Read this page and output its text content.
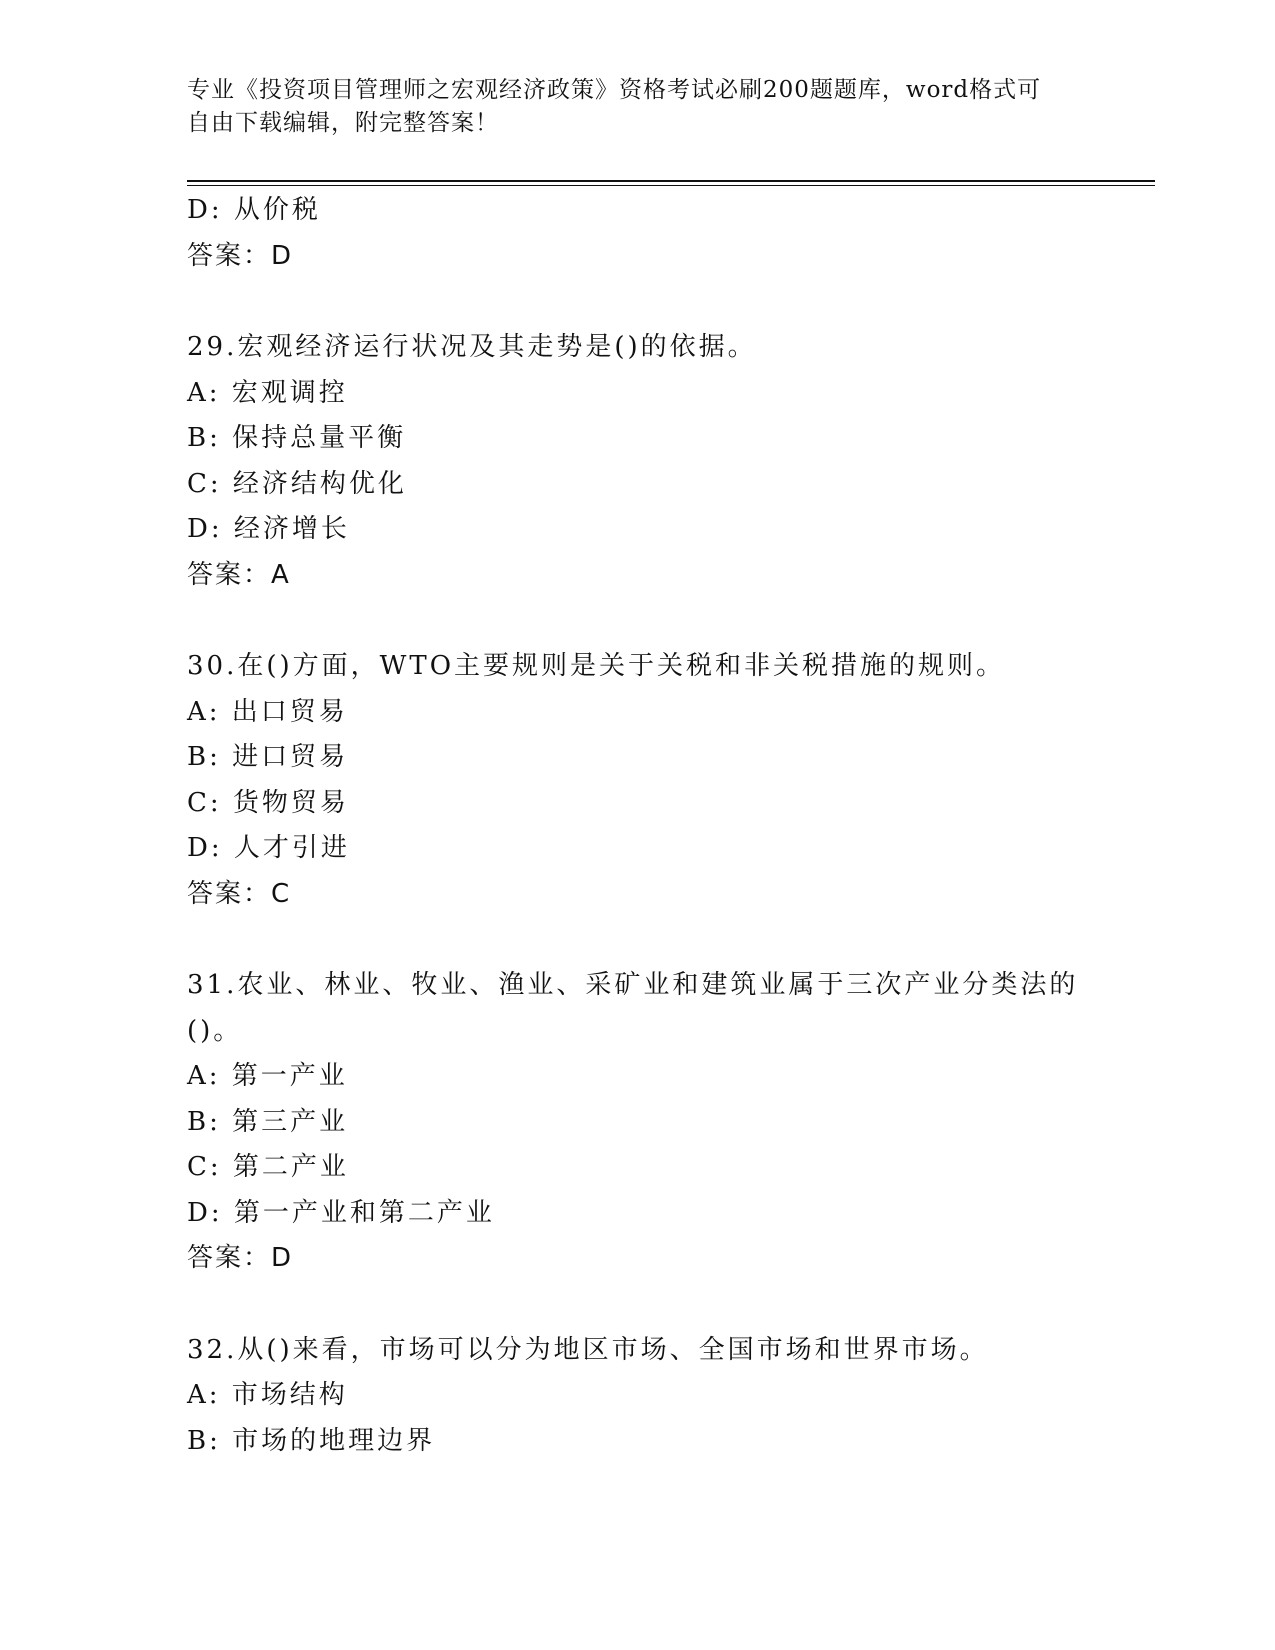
专业《投资项目管理师之宏观经济政策》资格考试必刷200题题库，word格式可
自由下载编辑，附完整答案！
D: 从价税
答案：D
29.宏观经济运行状况及其走势是()的依据。
A: 宏观调控
B: 保持总量平衡
C: 经济结构优化
D: 经济增长
答案：A
30.在()方面，WTO主要规则是关于关税和非关税措施的规则。
A: 出口贸易
B: 进口贸易
C: 货物贸易
D: 人才引进
答案：C
31.农业、林业、牧业、渔业、采矿业和建筑业属于三次产业分类法的
()。
A: 第一产业
B: 第三产业
C: 第二产业
D: 第一产业和第二产业
答案：D
32.从()来看，市场可以分为地区市场、全国市场和世界市场。
A: 市场结构
B: 市场的地理边界
